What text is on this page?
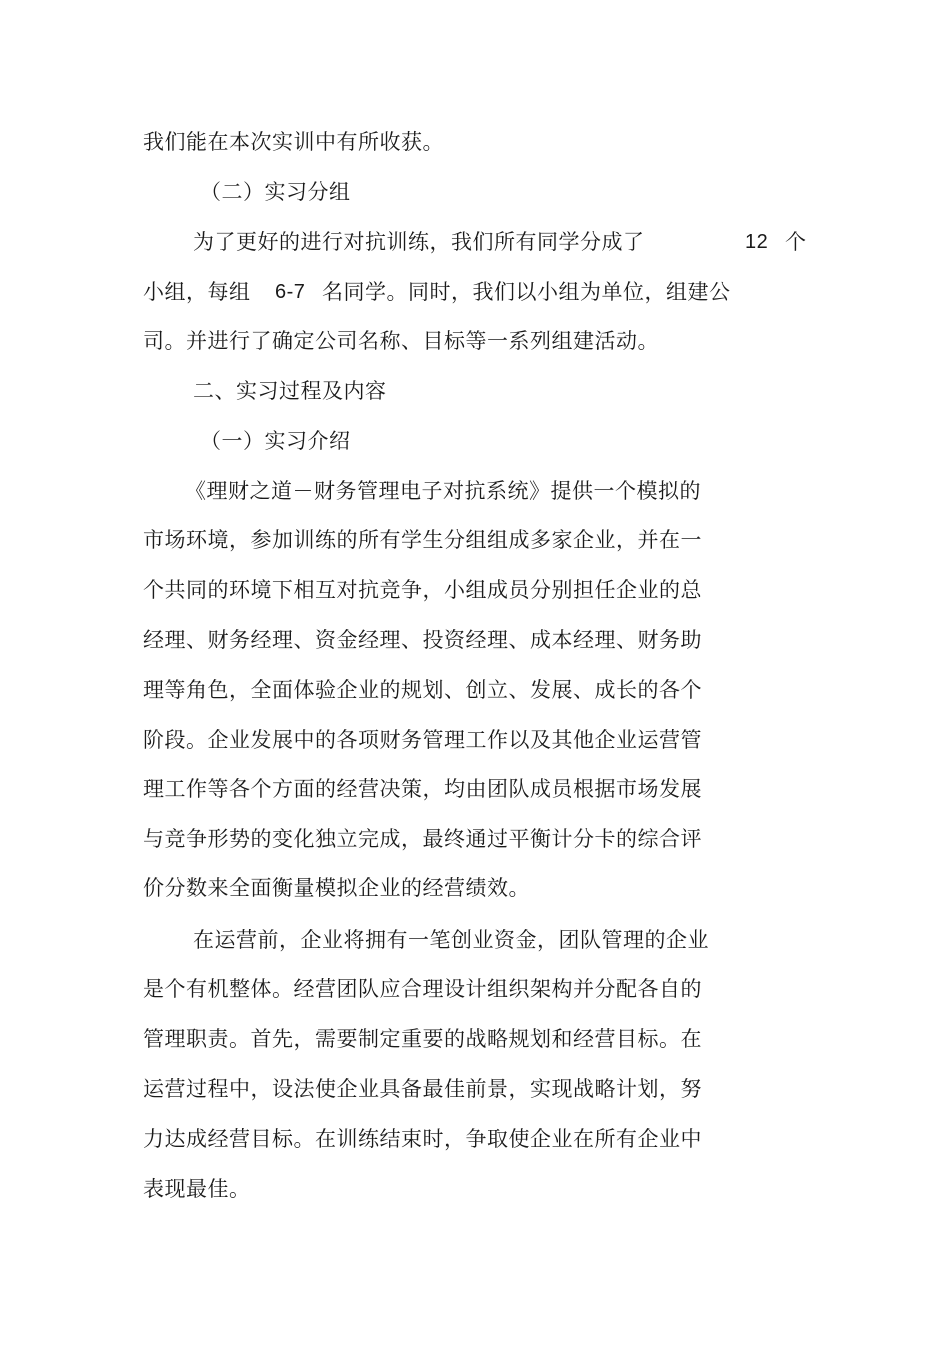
我们能在本次实训中有所收获。
（二）实习分组
为了更好的进行对抗训练，我们所有同学分成了	12 个
小组，每组 6-7 名同学。同时，我们以小组为单位，组建公
司。并进行了确定公司名称、目标等一系列组建活动。
二、实习过程及内容
（一）实习介绍
《理财之道－财务管理电子对抗系统》提供一个模拟的
市场环境，参加训练的所有学生分组组成多家企业，并在一
个共同的环境下相互对抗竞争，小组成员分别担任企业的总
经理、财务经理、资金经理、投资经理、成本经理、财务助
理等角色，全面体验企业的规划、创立、发展、成长的各个
阶段。企业发展中的各项财务管理工作以及其他企业运营管
理工作等各个方面的经营决策，均由团队成员根据市场发展
与竞争形势的变化独立完成，最终通过平衡计分卡的综合评
价分数来全面衡量模拟企业的经营绩效。
在运营前，企业将拥有一笔创业资金，团队管理的企业
是个有机整体。经营团队应合理设计组织架构并分配各自的
管理职责。首先，需要制定重要的战略规划和经营目标。在
运营过程中，设法使企业具备最佳前景，实现战略计划，努
力达成经营目标。在训练结束时，争取使企业在所有企业中
表现最佳。
